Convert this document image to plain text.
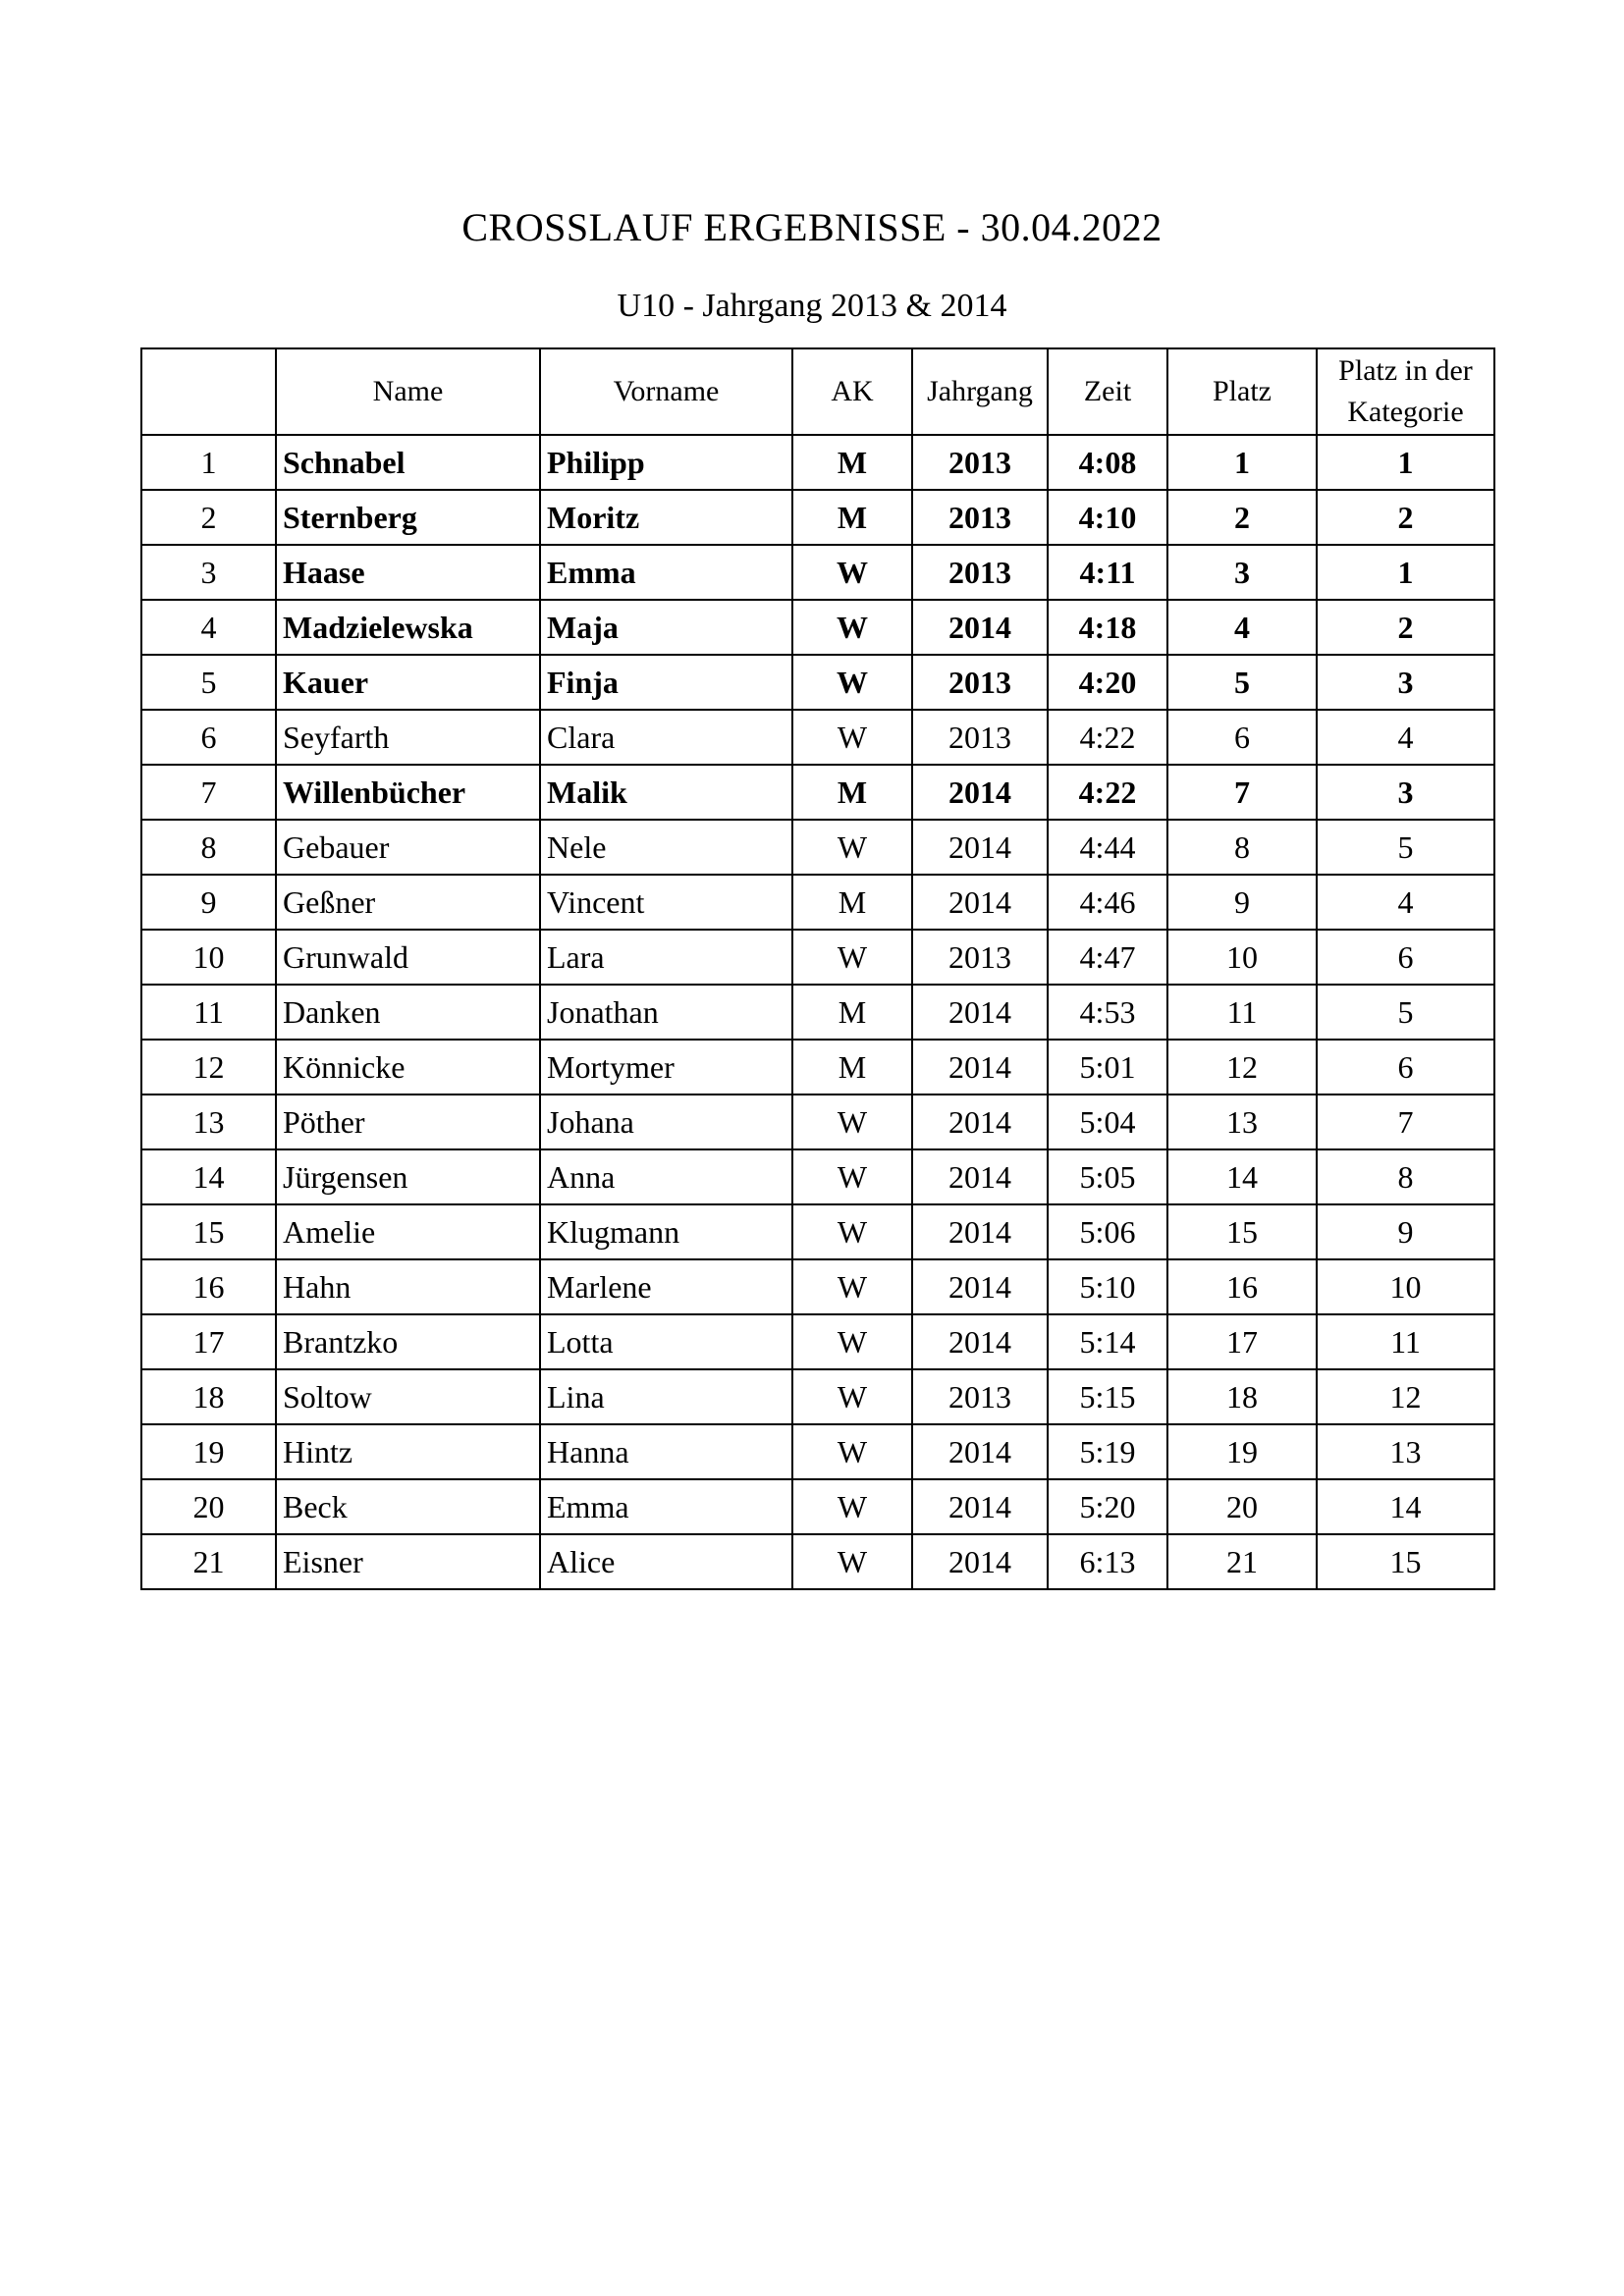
CROSSLAUF ERGEBNISSE - 30.04.2022
U10 - Jahrgang 2013 & 2014
	Name	Vorname	AK	Jahrgang	Zeit	Platz	Platz in der Kategorie
1	Schnabel	Philipp	M	2013	4:08	1	1
2	Sternberg	Moritz	M	2013	4:10	2	2
3	Haase	Emma	W	2013	4:11	3	1
4	Madzielewska	Maja	W	2014	4:18	4	2
5	Kauer	Finja	W	2013	4:20	5	3
6	Seyfarth	Clara	W	2013	4:22	6	4
7	Willenbücher	Malik	M	2014	4:22	7	3
8	Gebauer	Nele	W	2014	4:44	8	5
9	Geßner	Vincent	M	2014	4:46	9	4
10	Grunwald	Lara	W	2013	4:47	10	6
11	Danken	Jonathan	M	2014	4:53	11	5
12	Könnicke	Mortymer	M	2014	5:01	12	6
13	Pöther	Johana	W	2014	5:04	13	7
14	Jürgensen	Anna	W	2014	5:05	14	8
15	Amelie	Klugmann	W	2014	5:06	15	9
16	Hahn	Marlene	W	2014	5:10	16	10
17	Brantzko	Lotta	W	2014	5:14	17	11
18	Soltow	Lina	W	2013	5:15	18	12
19	Hintz	Hanna	W	2014	5:19	19	13
20	Beck	Emma	W	2014	5:20	20	14
21	Eisner	Alice	W	2014	6:13	21	15
